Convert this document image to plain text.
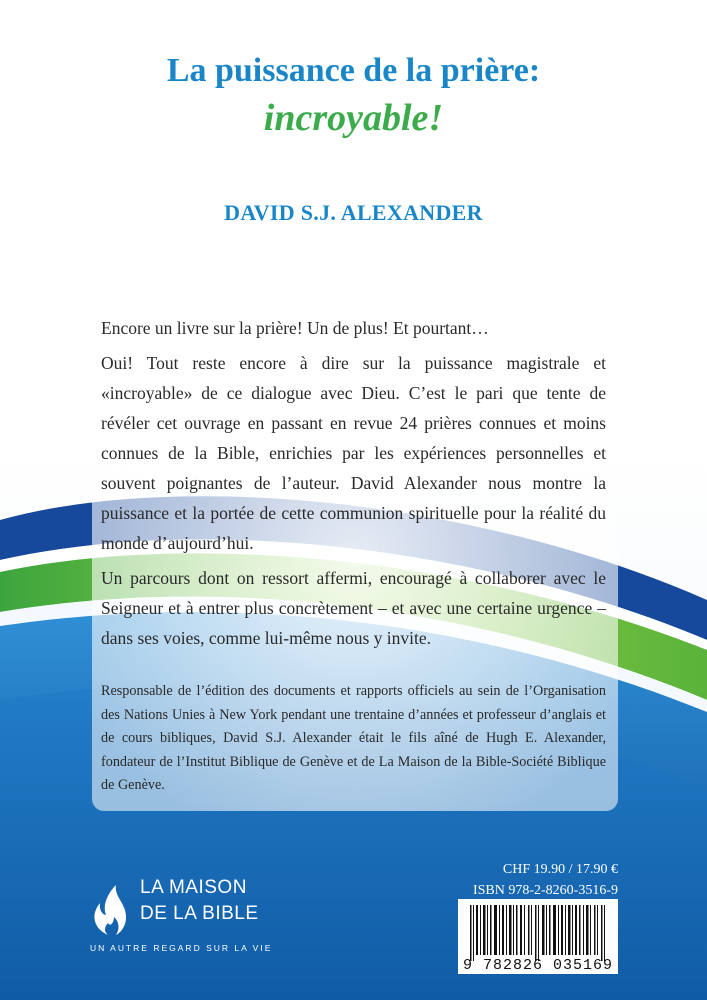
La puissance de la prière:
incroyable!
DAVID S.J. ALEXANDER

Encore un livre sur la prière! Un de plus! Et pourtant…

Oui! Tout reste encore à dire sur la puissance magistrale et «incroyable» de ce dialogue avec Dieu. C’est le pari que tente de révéler cet ouvrage en passant en revue 24 prières connues et moins connues de la Bible, enrichies par les expériences personnelles et souvent poignantes de l’auteur. David Alexander nous montre la puissance et la portée de cette communion spirituelle pour la réalité du monde d’aujourd’hui.

Un parcours dont on ressort affermi, encouragé à collaborer avec le Seigneur et à entrer plus concrètement – et avec une certaine urgence – dans ses voies, comme lui-même nous y invite.

Responsable de l’édition des documents et rapports officiels au sein de l’Organisation des Nations Unies à New York pendant une trentaine d’années et professeur d’anglais et de cours bibliques, David S.J. Alexander était le fils aîné de Hugh E. Alexander, fondateur de l’Institut Biblique de Genève et de La Maison de la Bible-Société Biblique de Genève.

LA MAISON
DE LA BIBLE
UN AUTRE REGARD SUR LA VIE
CHF 19.90 / 17.90 €
ISBN 978-2-8260-3516-9
9 782826 035169
